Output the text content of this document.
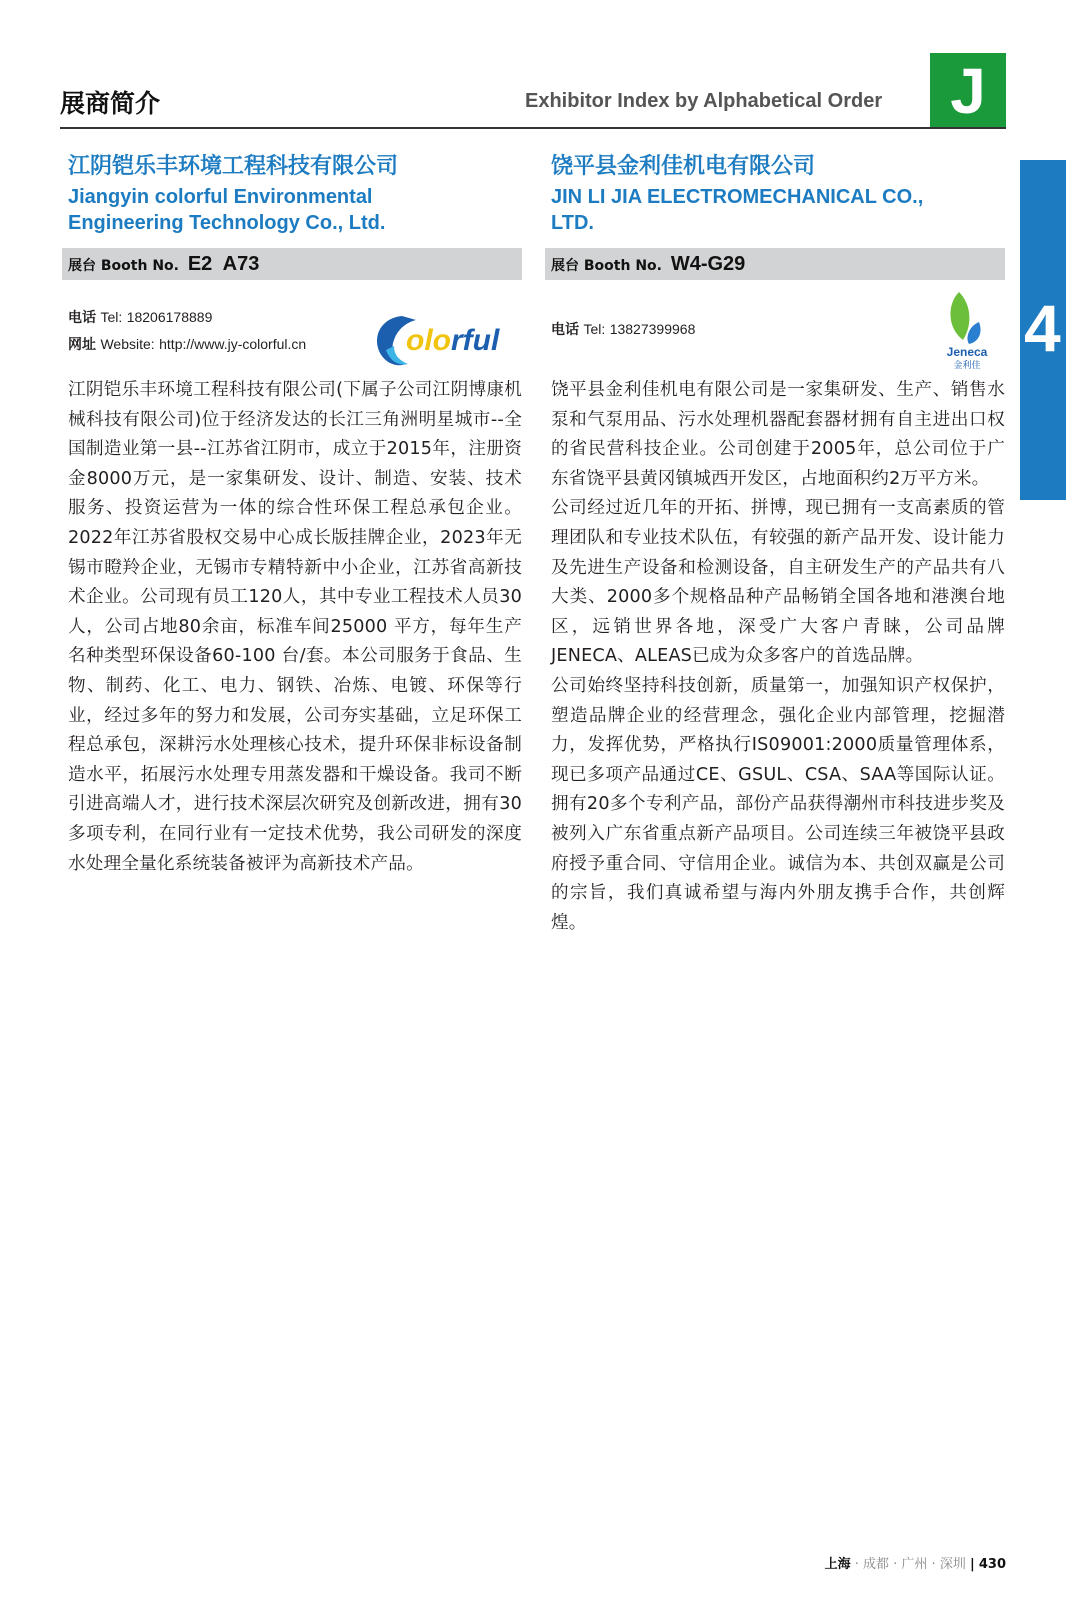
展商简介	Exhibitor Index by Alphabetical Order	J
4
江阴铠乐丰环境工程科技有限公司
Jiangyin colorful Environmental
Engineering Technology Co., Ltd.
展台 Booth No. E2  A73
电话 Tel: 18206178889
网址 Website: http://www.jy-colorful.cn	olorful

江阴铠乐丰环境工程科技有限公司(下属子公司江阴博康机械科技有限公司)位于经济发达的长江三角洲明星城市--全国制造业第一县--江苏省江阴市，成立于2015年，注册资金8000万元，是一家集研发、设计、制造、安装、技术服务、投资运营为一体的综合性环保工程总承包企业。2022年江苏省股权交易中心成长版挂牌企业，2023年无锡市瞪羚企业，无锡市专精特新中小企业，江苏省高新技术企业。公司现有员工120人，其中专业工程技术人员30人，公司占地80余亩，标准车间25000 平方，每年生产名种类型环保设备60-100 台/套。本公司服务于食品、生物、制药、化工、电力、钢铁、冶炼、电镀、环保等行业，经过多年的努力和发展，公司夯实基础，立足环保工程总承包，深耕污水处理核心技术，提升环保非标设备制造水平，拓展污水处理专用蒸发器和干燥设备。我司不断引进高端人才，进行技术深层次研究及创新改进，拥有30多项专利，在同行业有一定技术优势，我公司研发的深度水处理全量化系统装备被评为高新技术产品。

饶平县金利佳机电有限公司
JIN LI JIA ELECTROMECHANICAL CO.,
LTD.
展台 Booth No. W4-G29
电话 Tel: 13827399968
Jeneca
金利佳

饶平县金利佳机电有限公司是一家集研发、生产、销售水泵和气泵用品、污水处理机器配套器材拥有自主进出口权的省民营科技企业。公司创建于2005年，总公司位于广东省饶平县黄冈镇城西开发区，占地面积约2万平方米。

公司经过近几年的开拓、拼博，现已拥有一支高素质的管理团队和专业技术队伍，有较强的新产品开发、设计能力及先进生产设备和检测设备，自主研发生产的产品共有八大类、2000多个规格品种产品畅销全国各地和港澳台地区，远销世界各地，深受广大客户青睐，公司品牌JENECA、ALEAS已成为众多客户的首选品牌。

公司始终坚持科技创新，质量第一，加强知识产权保护，塑造品牌企业的经营理念，强化企业内部管理，挖掘潜力，发挥优势，严格执行IS09001:2000质量管理体系，现已多项产品通过CE、GSUL、CSA、SAA等国际认证。拥有20多个专利产品，部份产品获得潮州市科技进步奖及被列入广东省重点新产品项目。公司连续三年被饶平县政府授予重合同、守信用企业。诚信为本、共创双赢是公司的宗旨，我们真诚希望与海内外朋友携手合作，共创辉煌。

上海 · 成都 · 广州 · 深圳 | 430
